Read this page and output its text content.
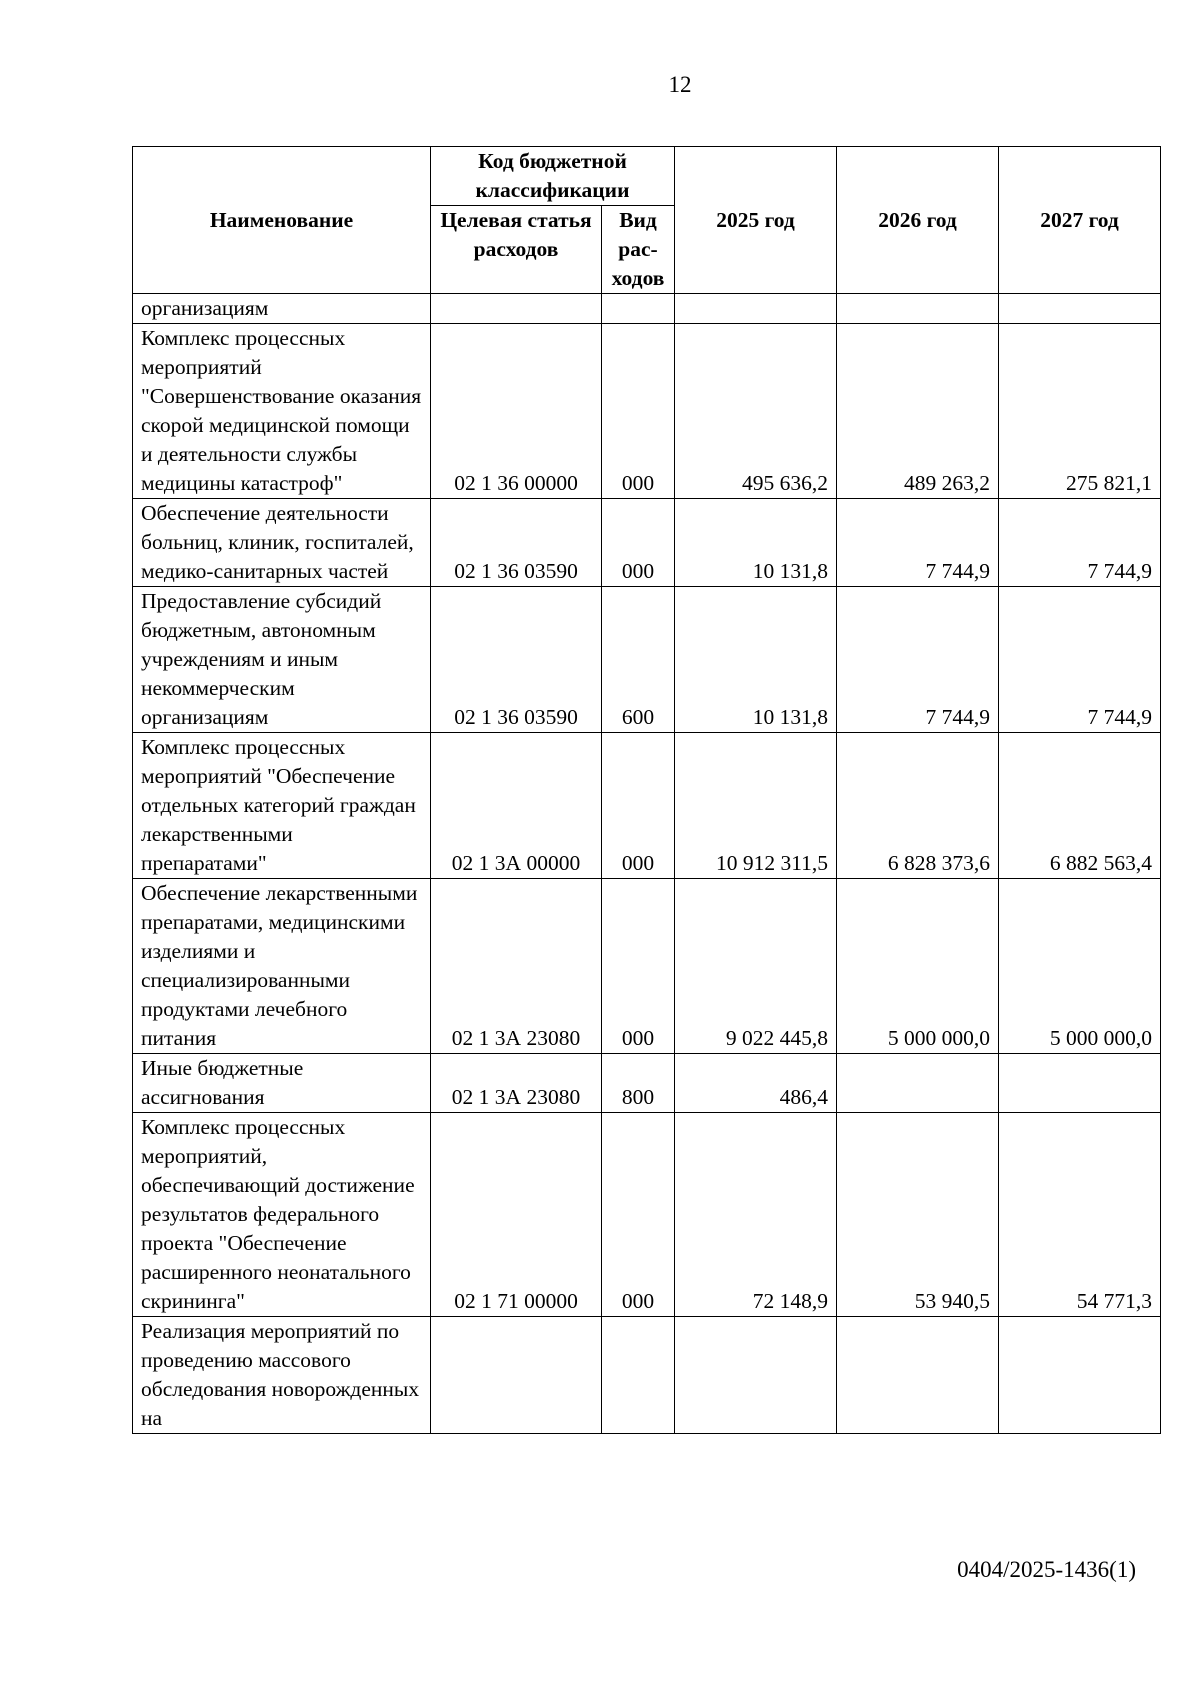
12
Наименование	Код бюджетной классификации		2025 год	2026 год	2027 год
	Целевая статья расходов	Вид рас-ходов			
организациям					
Комплекс процессных мероприятий "Совершенствование оказания скорой медицинской помощи и деятельности службы медицины катастроф"	02 1 36 00000	000	495 636,2	489 263,2	275 821,1
Обеспечение деятельности больниц, клиник, госпиталей, медико-санитарных частей	02 1 36 03590	000	10 131,8	7 744,9	7 744,9
Предоставление субсидий бюджетным, автономным учреждениям и иным некоммерческим организациям	02 1 36 03590	600	10 131,8	7 744,9	7 744,9
Комплекс процессных мероприятий "Обеспечение отдельных категорий граждан лекарственными препаратами"	02 1 3А 00000	000	10 912 311,5	6 828 373,6	6 882 563,4
Обеспечение лекарственными препаратами, медицинскими изделиями и специализированными продуктами лечебного питания	02 1 3А 23080	000	9 022 445,8	5 000 000,0	5 000 000,0
Иные бюджетные ассигнования	02 1 3А 23080	800	486,4		
Комплекс процессных мероприятий, обеспечивающий достижение результатов федерального проекта "Обеспечение расширенного неонатального скрининга"	02 1 71 00000	000	72 148,9	53 940,5	54 771,3
Реализация мероприятий по проведению массового обследования новорожденных на					
0404/2025-1436(1)
